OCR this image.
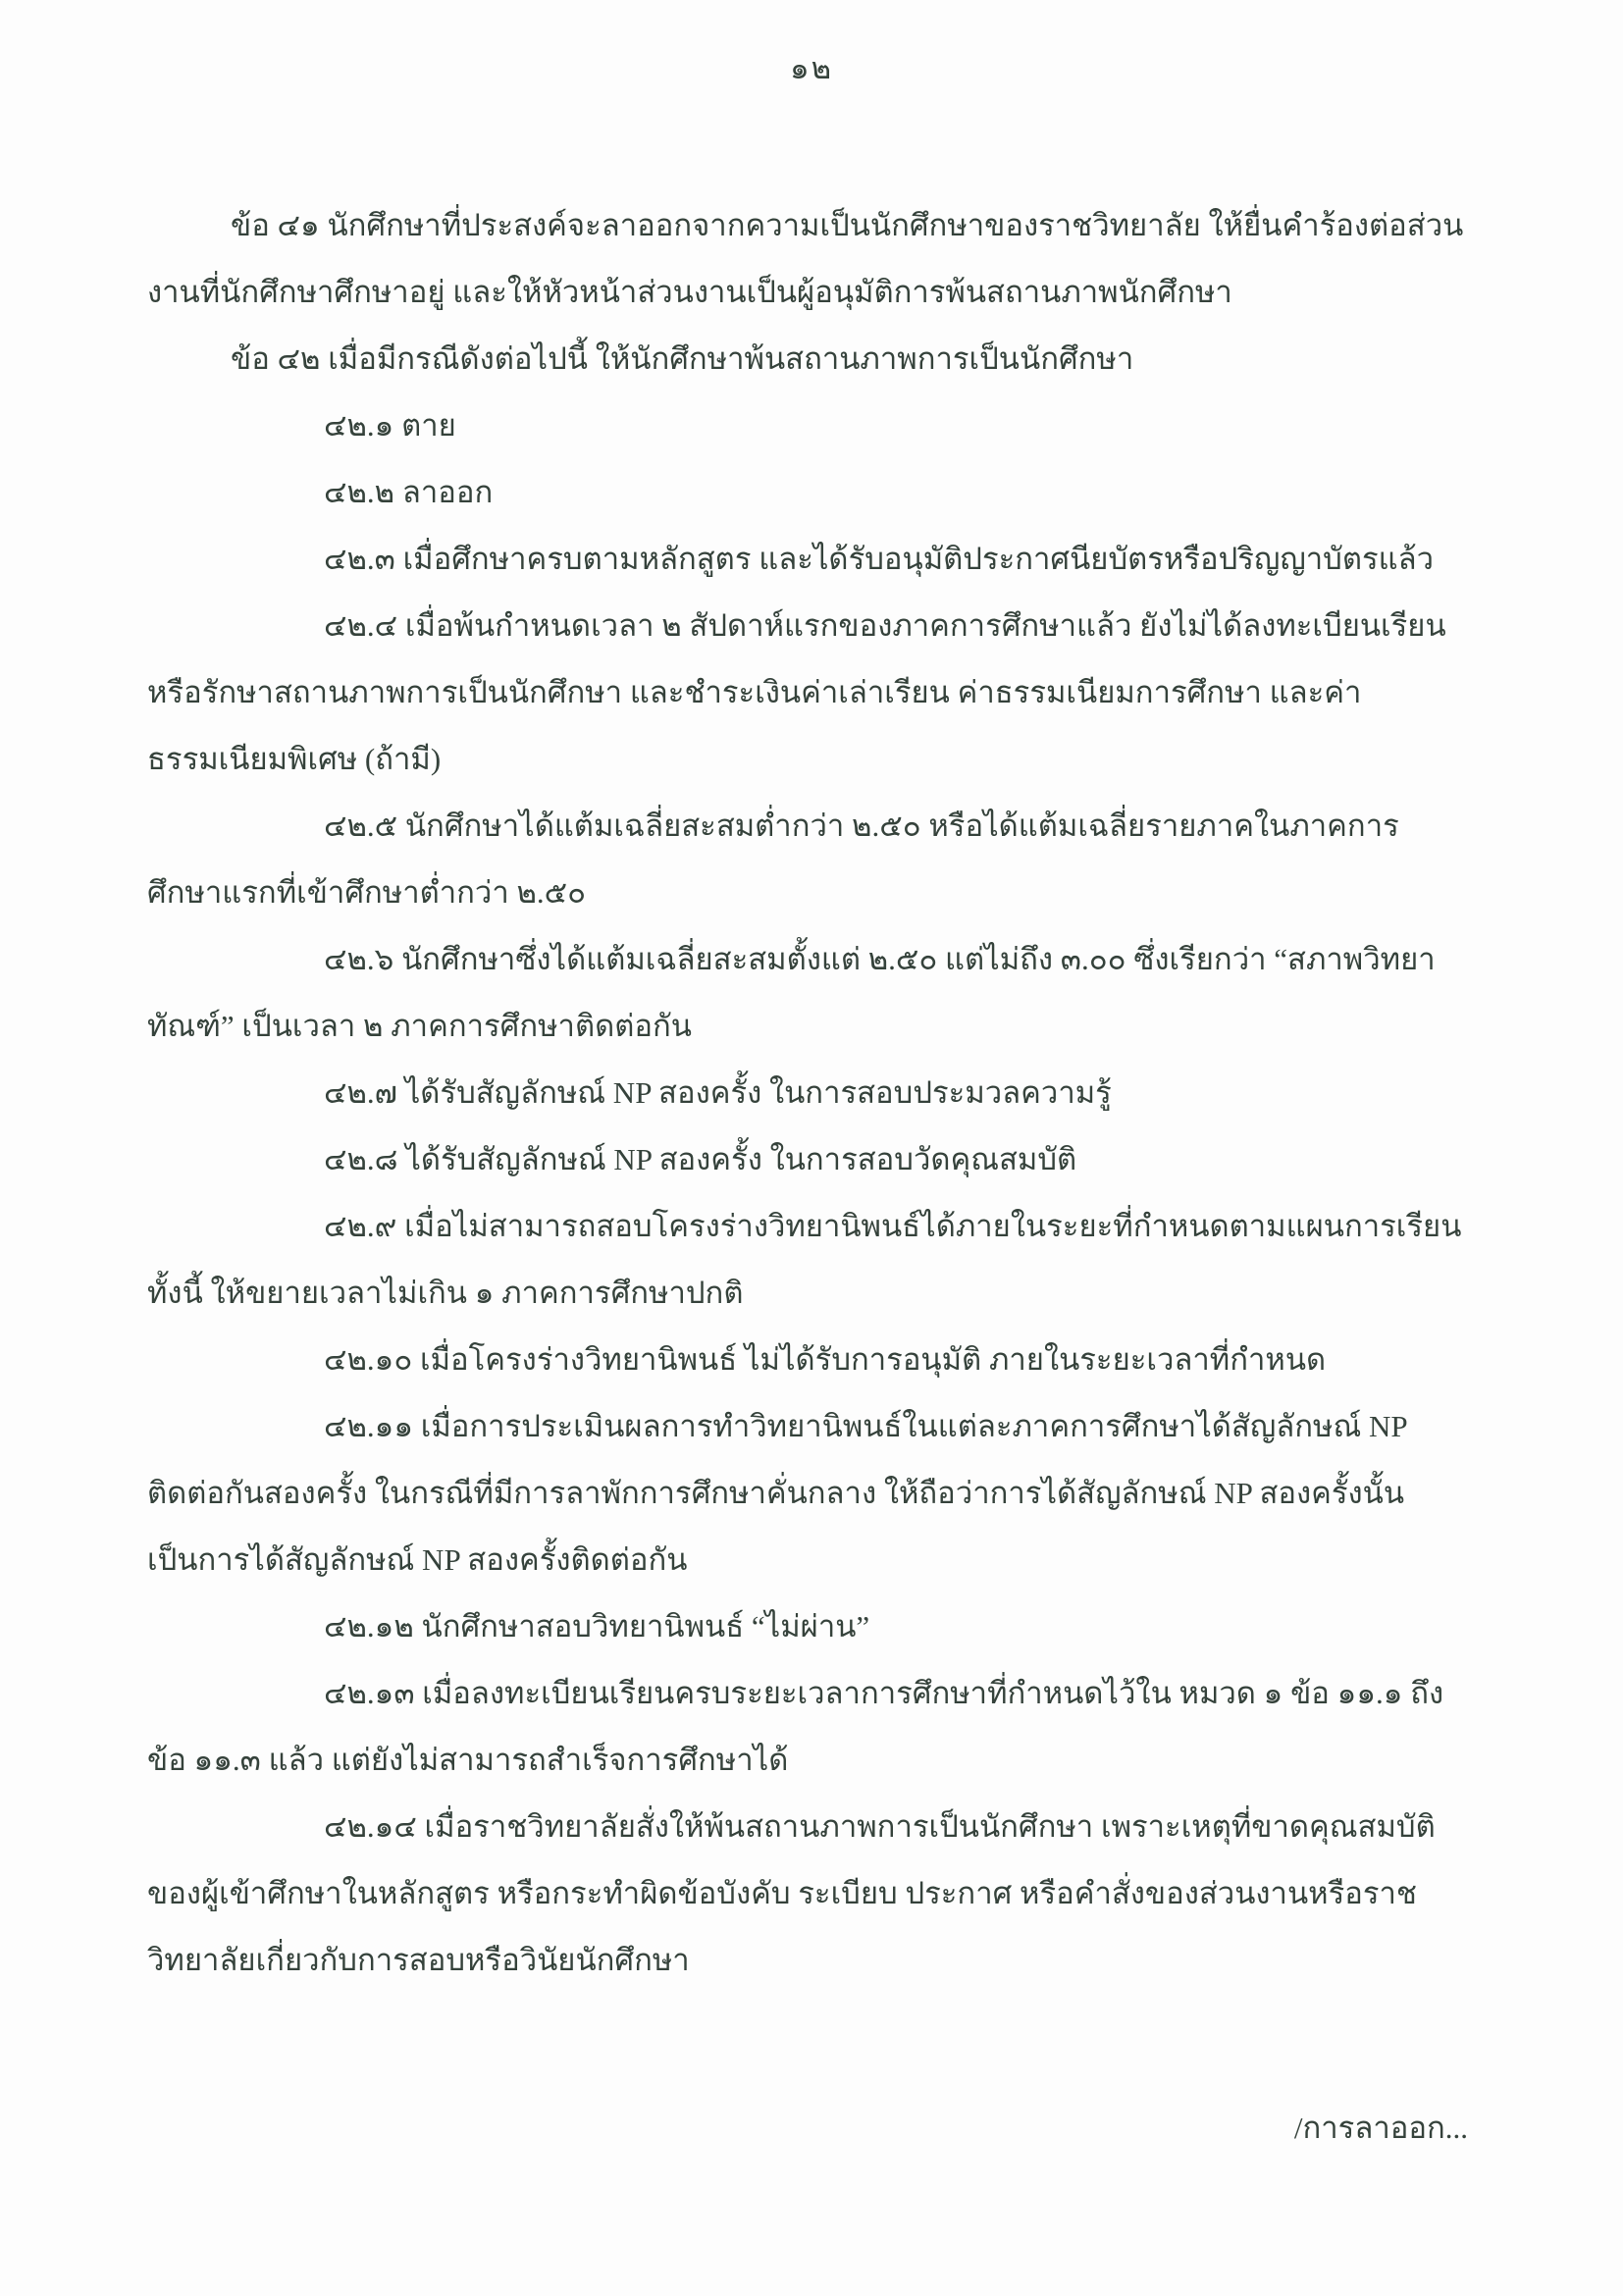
๑๒

ข้อ ๔๑ นักศึกษาที่ประสงค์จะลาออกจากความเป็นนักศึกษาของราชวิทยาลัย ให้ยื่นคำร้องต่อส่วนงานที่นักศึกษาศึกษาอยู่ และให้หัวหน้าส่วนงานเป็นผู้อนุมัติการพ้นสถานภาพนักศึกษา

ข้อ ๔๒ เมื่อมีกรณีดังต่อไปนี้ ให้นักศึกษาพ้นสถานภาพการเป็นนักศึกษา

๔๒.๑ ตาย

๔๒.๒ ลาออก

๔๒.๓ เมื่อศึกษาครบตามหลักสูตร และได้รับอนุมัติประกาศนียบัตรหรือปริญญาบัตรแล้ว

๔๒.๔ เมื่อพ้นกำหนดเวลา ๒ สัปดาห์แรกของภาคการศึกษาแล้ว ยังไม่ได้ลงทะเบียนเรียนหรือรักษาสถานภาพการเป็นนักศึกษา และชำระเงินค่าเล่าเรียน ค่าธรรมเนียมการศึกษา และค่าธรรมเนียมพิเศษ (ถ้ามี)

๔๒.๕ นักศึกษาได้แต้มเฉลี่ยสะสมต่ำกว่า ๒.๕๐ หรือได้แต้มเฉลี่ยรายภาคในภาคการศึกษาแรกที่เข้าศึกษาต่ำกว่า ๒.๕๐

๔๒.๖ นักศึกษาซึ่งได้แต้มเฉลี่ยสะสมตั้งแต่ ๒.๕๐ แต่ไม่ถึง ๓.๐๐ ซึ่งเรียกว่า “สภาพวิทยาทัณฑ์” เป็นเวลา ๒ ภาคการศึกษาติดต่อกัน

๔๒.๗ ได้รับสัญลักษณ์ NP สองครั้ง ในการสอบประมวลความรู้

๔๒.๘ ได้รับสัญลักษณ์ NP สองครั้ง ในการสอบวัดคุณสมบัติ

๔๒.๙ เมื่อไม่สามารถสอบโครงร่างวิทยานิพนธ์ได้ภายในระยะที่กำหนดตามแผนการเรียน ทั้งนี้ ให้ขยายเวลาไม่เกิน ๑ ภาคการศึกษาปกติ

๔๒.๑๐ เมื่อโครงร่างวิทยานิพนธ์ ไม่ได้รับการอนุมัติ ภายในระยะเวลาที่กำหนด

๔๒.๑๑ เมื่อการประเมินผลการทำวิทยานิพนธ์ในแต่ละภาคการศึกษาได้สัญลักษณ์ NP ติดต่อกันสองครั้ง ในกรณีที่มีการลาพักการศึกษาคั่นกลาง ให้ถือว่าการได้สัญลักษณ์ NP สองครั้งนั้นเป็นการได้สัญลักษณ์ NP สองครั้งติดต่อกัน

๔๒.๑๒ นักศึกษาสอบวิทยานิพนธ์ “ไม่ผ่าน”

๔๒.๑๓ เมื่อลงทะเบียนเรียนครบระยะเวลาการศึกษาที่กำหนดไว้ใน หมวด ๑ ข้อ ๑๑.๑ ถึงข้อ ๑๑.๓ แล้ว แต่ยังไม่สามารถสำเร็จการศึกษาได้

๔๒.๑๔ เมื่อราชวิทยาลัยสั่งให้พ้นสถานภาพการเป็นนักศึกษา เพราะเหตุที่ขาดคุณสมบัติของผู้เข้าศึกษาในหลักสูตร หรือกระทำผิดข้อบังคับ ระเบียบ ประกาศ หรือคำสั่งของส่วนงานหรือราชวิทยาลัยเกี่ยวกับการสอบหรือวินัยนักศึกษา

/การลาออก...
